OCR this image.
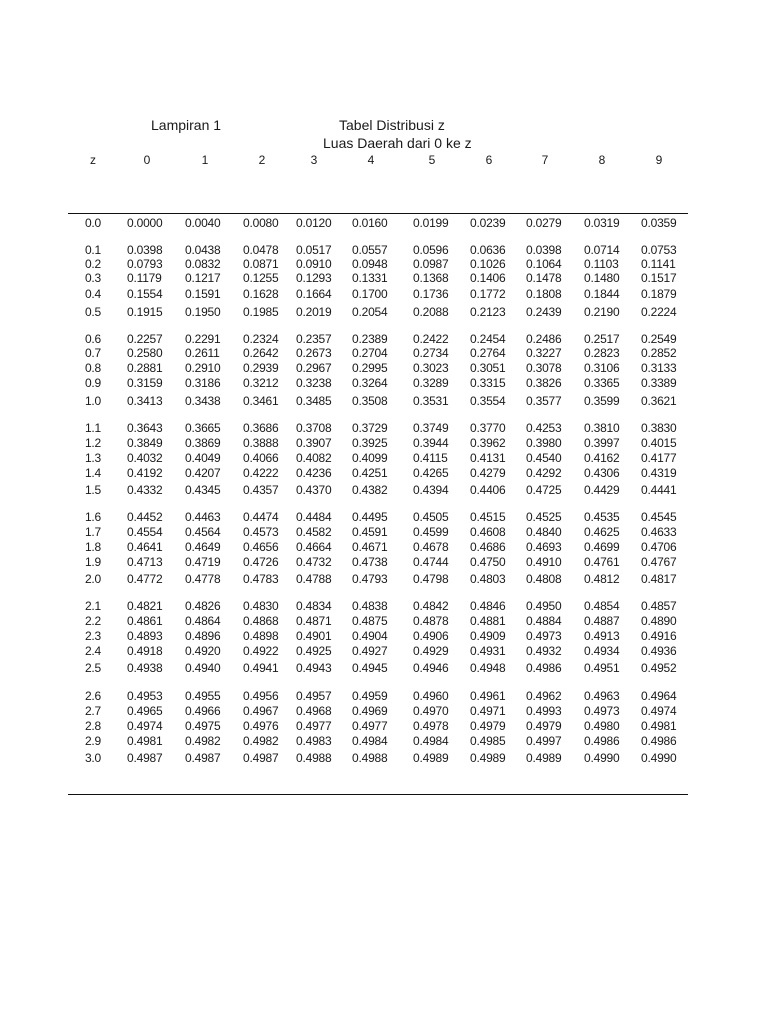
Lampiran 1	Tabel Distribusi z
Luas Daerah dari 0 ke z
z	0	1	2	3	4	5	6	7	8	9
0.0	0.0000 0.0040 0.0080 0.0120 0.0160 0.0199 0.0239 0.0279 0.0319 0.0359
0.1	0.0398 0.0438 0.0478 0.0517 0.0557 0.0596 0.0636 0.0398 0.0714 0.0753
0.2	0.0793 0.0832 0.0871 0.0910 0.0948 0.0987 0.1026 0.1064 0.1103 0.1141
0.3	0.1179 0.1217 0.1255 0.1293 0.1331 0.1368 0.1406 0.1478 0.1480 0.1517
0.4	0.1554 0.1591 0.1628 0.1664 0.1700 0.1736 0.1772 0.1808 0.1844 0.1879
0.5	0.1915 0.1950 0.1985 0.2019 0.2054 0.2088 0.2123 0.2439 0.2190 0.2224
0.6	0.2257 0.2291 0.2324 0.2357 0.2389 0.2422 0.2454 0.2486 0.2517 0.2549
0.7	0.2580 0.2611 0.2642 0.2673 0.2704 0.2734 0.2764 0.3227 0.2823 0.2852
0.8	0.2881 0.2910 0.2939 0.2967 0.2995 0.3023 0.3051 0.3078 0.3106 0.3133
0.9	0.3159 0.3186 0.3212 0.3238 0.3264 0.3289 0.3315 0.3826 0.3365 0.3389
1.0	0.3413 0.3438 0.3461 0.3485 0.3508 0.3531 0.3554 0.3577 0.3599 0.3621
1.1	0.3643 0.3665 0.3686 0.3708 0.3729 0.3749 0.3770 0.4253 0.3810 0.3830
1.2	0.3849 0.3869 0.3888 0.3907 0.3925 0.3944 0.3962 0.3980 0.3997 0.4015
1.3	0.4032 0.4049 0.4066 0.4082 0.4099 0.4115 0.4131 0.4540 0.4162 0.4177
1.4	0.4192 0.4207 0.4222 0.4236 0.4251 0.4265 0.4279 0.4292 0.4306 0.4319
1.5	0.4332 0.4345 0.4357 0.4370 0.4382 0.4394 0.4406 0.4725 0.4429 0.4441
1.6	0.4452 0.4463 0.4474 0.4484 0.4495 0.4505 0.4515 0.4525 0.4535 0.4545
1.7	0.4554 0.4564 0.4573 0.4582 0.4591 0.4599 0.4608 0.4840 0.4625 0.4633
1.8	0.4641 0.4649 0.4656 0.4664 0.4671 0.4678 0.4686 0.4693 0.4699 0.4706
1.9	0.4713 0.4719 0.4726 0.4732 0.4738 0.4744 0.4750 0.4910 0.4761 0.4767
2.0	0.4772 0.4778 0.4783 0.4788 0.4793 0.4798 0.4803 0.4808 0.4812 0.4817
2.1	0.4821 0.4826 0.4830 0.4834 0.4838 0.4842 0.4846 0.4950 0.4854 0.4857
2.2	0.4861 0.4864 0.4868 0.4871 0.4875 0.4878 0.4881 0.4884 0.4887 0.4890
2.3	0.4893 0.4896 0.4898 0.4901 0.4904 0.4906 0.4909 0.4973 0.4913 0.4916
2.4	0.4918 0.4920 0.4922 0.4925 0.4927 0.4929 0.4931 0.4932 0.4934 0.4936
2.5	0.4938 0.4940 0.4941 0.4943 0.4945 0.4946 0.4948 0.4986 0.4951 0.4952
2.6	0.4953 0.4955 0.4956 0.4957 0.4959 0.4960 0.4961 0.4962 0.4963 0.4964
2.7	0.4965 0.4966 0.4967 0.4968 0.4969 0.4970 0.4971 0.4993 0.4973 0.4974
2.8	0.4974 0.4975 0.4976 0.4977 0.4977 0.4978 0.4979 0.4979 0.4980 0.4981
2.9	0.4981 0.4982 0.4982 0.4983 0.4984 0.4984 0.4985 0.4997 0.4986 0.4986
3.0	0.4987 0.4987 0.4987 0.4988 0.4988 0.4989 0.4989 0.4989 0.4990 0.4990
